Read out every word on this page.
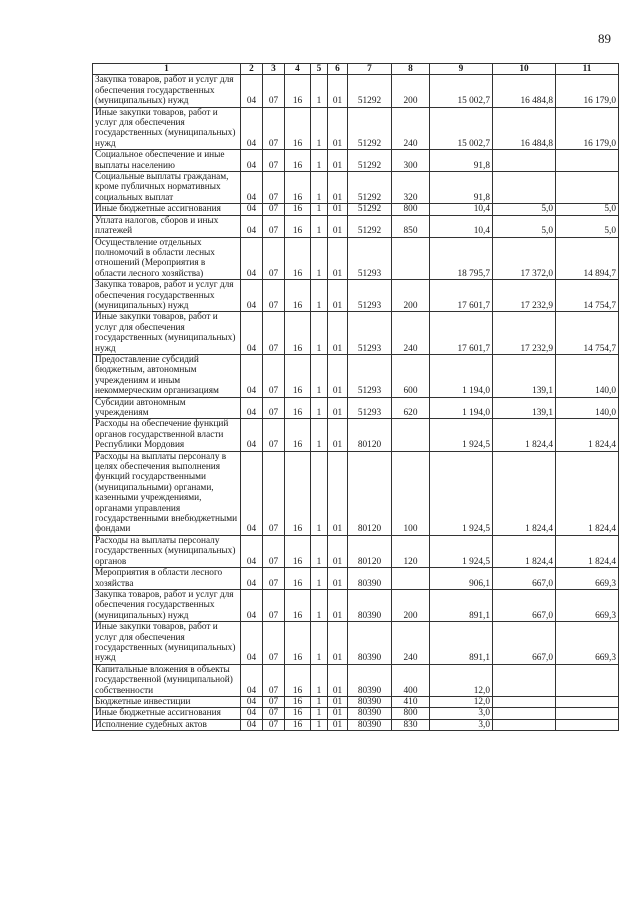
89
1	2	3	4	5	6	7	8	9	10	11
Закупка товаров, работ и услуг для обеспечения государственных (муниципальных) нужд	04	07	16	1	01	51292	200	15 002,7	16 484,8	16 179,0
Иные закупки товаров, работ и услуг для обеспечения государственных (муниципальных) нужд	04	07	16	1	01	51292	240	15 002,7	16 484,8	16 179,0
Социальное обеспечение и иные выплаты населению	04	07	16	1	01	51292	300	91,8		
Социальные выплаты гражданам, кроме публичных нормативных социальных выплат	04	07	16	1	01	51292	320	91,8		
Иные бюджетные ассигнования	04	07	16	1	01	51292	800	10,4	5,0	5,0
Уплата налогов, сборов и иных платежей	04	07	16	1	01	51292	850	10,4	5,0	5,0
Осуществление отдельных полномочий в области лесных отношений (Мероприятия в области лесного хозяйства)	04	07	16	1	01	51293		18 795,7	17 372,0	14 894,7
Закупка товаров, работ и услуг для обеспечения государственных (муниципальных) нужд	04	07	16	1	01	51293	200	17 601,7	17 232,9	14 754,7
Иные закупки товаров, работ и услуг для обеспечения государственных (муниципальных) нужд	04	07	16	1	01	51293	240	17 601,7	17 232,9	14 754,7
Предоставление субсидий бюджетным, автономным учреждениям и иным некоммерческим организациям	04	07	16	1	01	51293	600	1 194,0	139,1	140,0
Субсидии автономным учреждениям	04	07	16	1	01	51293	620	1 194,0	139,1	140,0
Расходы на обеспечение функций органов государственной власти Республики Мордовия	04	07	16	1	01	80120		1 924,5	1 824,4	1 824,4
Расходы на выплаты персоналу в целях обеспечения выполнения функций государственными (муниципальными) органами, казенными учреждениями, органами управления государственными внебюджетными фондами	04	07	16	1	01	80120	100	1 924,5	1 824,4	1 824,4
Расходы на выплаты персоналу государственных (муниципальных) органов	04	07	16	1	01	80120	120	1 924,5	1 824,4	1 824,4
Мероприятия в области лесного хозяйства	04	07	16	1	01	80390		906,1	667,0	669,3
Закупка товаров, работ и услуг для обеспечения государственных (муниципальных) нужд	04	07	16	1	01	80390	200	891,1	667,0	669,3
Иные закупки товаров, работ и услуг для обеспечения государственных (муниципальных) нужд	04	07	16	1	01	80390	240	891,1	667,0	669,3
Капитальные вложения в объекты государственной (муниципальной) собственности	04	07	16	1	01	80390	400	12,0		
Бюджетные инвестиции	04	07	16	1	01	80390	410	12,0		
Иные бюджетные ассигнования	04	07	16	1	01	80390	800	3,0		
Исполнение судебных актов	04	07	16	1	01	80390	830	3,0		
